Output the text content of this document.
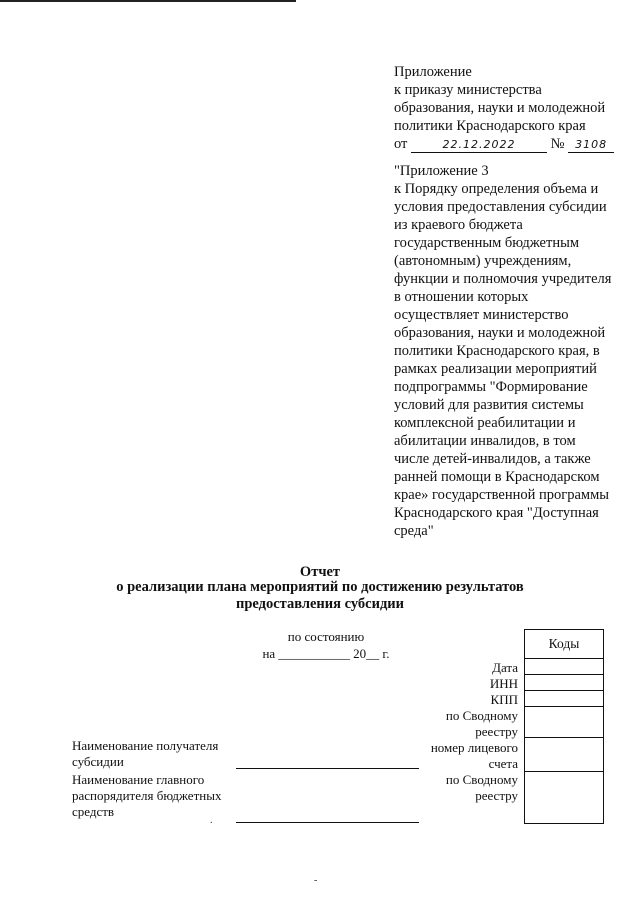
Приложение
к приказу министерства
образования, науки и молодежной
политики Краснодарского края
от	22.12.2022 № 3108
"Приложение 3
к Порядку определения объема и
условия предоставления субсидии
из краевого бюджета
государственным бюджетным
(автономным) учреждениям,
функции и полномочия учредителя
в отношении которых
осуществляет министерство
образования, науки и молодежной
политики Краснодарского края, в
рамках реализации мероприятий
подпрограммы "Формирование
условий для развития системы
комплексной реабилитации и
абилитации инвалидов, в том
числе детей-инвалидов, а также
ранней помощи в Краснодарском
крае» государственной программы
Краснодарского края "Доступная
среда"
Отчет
о реализации плана мероприятий по достижению результатов
предоставления субсидии
по состоянию
на ___________ 20__ г.
Коды
Дата
ИНН
КПП
по Сводному
реестру
номер лицевого
счета
по Сводному
реестру
Наименование получателя
субсидии
Наименование главного
распорядителя бюджетных
средств
.
-
